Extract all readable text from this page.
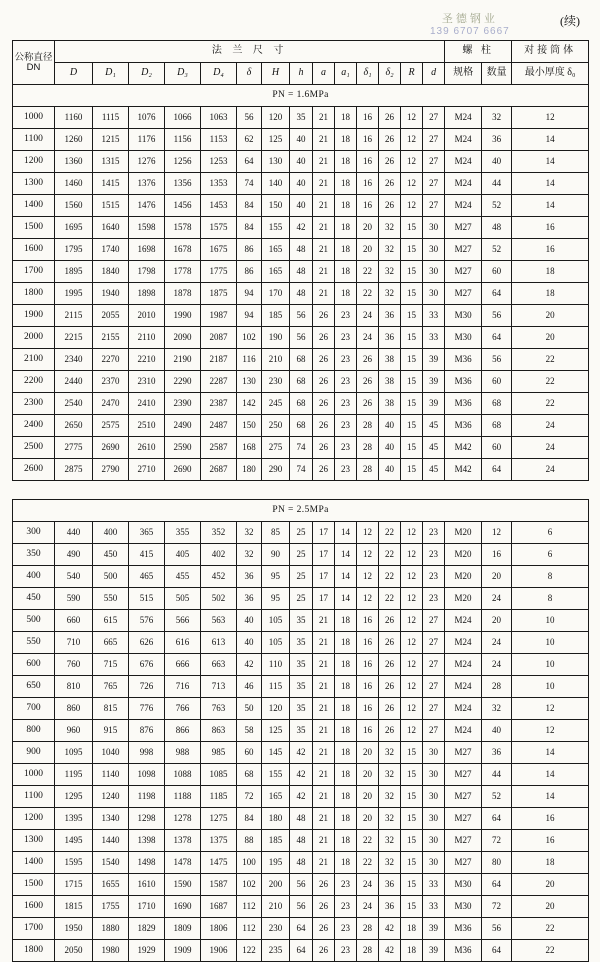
圣德钢业
139 6707 6667
(续)
公称直径
DN	法 兰 尺 寸														螺 柱		对接筒体
	D	D₁	D₂	D₃	D₄	δ	H	h	a	a₁	δ₁	δ₂	R	d	规格	数量	最小厚度 δ₀
PN = 1.6MPa																	
1000	1160	1115	1076	1066	1063	56	120	35	21	18	16	26	12	27	M24	32	12
1100	1260	1215	1176	1156	1153	62	125	40	21	18	16	26	12	27	M24	36	14
1200	1360	1315	1276	1256	1253	64	130	40	21	18	16	26	12	27	M24	40	14
1300	1460	1415	1376	1356	1353	74	140	40	21	18	16	26	12	27	M24	44	14
1400	1560	1515	1476	1456	1453	84	150	40	21	18	16	26	12	27	M24	52	14
1500	1695	1640	1598	1578	1575	84	155	42	21	18	20	32	15	30	M27	48	16
1600	1795	1740	1698	1678	1675	86	165	48	21	18	20	32	15	30	M27	52	16
1700	1895	1840	1798	1778	1775	86	165	48	21	18	22	32	15	30	M27	60	18
1800	1995	1940	1898	1878	1875	94	170	48	21	18	22	32	15	30	M27	64	18
1900	2115	2055	2010	1990	1987	94	185	56	26	23	24	36	15	33	M30	56	20
2000	2215	2155	2110	2090	2087	102	190	56	26	23	24	36	15	33	M30	64	20
2100	2340	2270	2210	2190	2187	116	210	68	26	23	26	38	15	39	M36	56	22
2200	2440	2370	2310	2290	2287	130	230	68	26	23	26	38	15	39	M36	60	22
2300	2540	2470	2410	2390	2387	142	245	68	26	23	26	38	15	39	M36	68	22
2400	2650	2575	2510	2490	2487	150	250	68	26	23	28	40	15	45	M36	68	24
2500	2775	2690	2610	2590	2587	168	275	74	26	23	28	40	15	45	M42	60	24
2600	2875	2790	2710	2690	2687	180	290	74	26	23	28	40	15	45	M42	64	24
PN = 2.5MPa																	
300	440	400	365	355	352	32	85	25	17	14	12	22	12	23	M20	12	6
350	490	450	415	405	402	32	90	25	17	14	12	22	12	23	M20	16	6
400	540	500	465	455	452	36	95	25	17	14	12	22	12	23	M20	20	8
450	590	550	515	505	502	36	95	25	17	14	12	22	12	23	M20	24	8
500	660	615	576	566	563	40	105	35	21	18	16	26	12	27	M24	20	10
550	710	665	626	616	613	40	105	35	21	18	16	26	12	27	M24	24	10
600	760	715	676	666	663	42	110	35	21	18	16	26	12	27	M24	24	10
650	810	765	726	716	713	46	115	35	21	18	16	26	12	27	M24	28	10
700	860	815	776	766	763	50	120	35	21	18	16	26	12	27	M24	32	12
800	960	915	876	866	863	58	125	35	21	18	16	26	12	27	M24	40	12
900	1095	1040	998	988	985	60	145	42	21	18	20	32	15	30	M27	36	14
1000	1195	1140	1098	1088	1085	68	155	42	21	18	20	32	15	30	M27	44	14
1100	1295	1240	1198	1188	1185	72	165	42	21	18	20	32	15	30	M27	52	14
1200	1395	1340	1298	1278	1275	84	180	48	21	18	20	32	15	30	M27	64	16
1300	1495	1440	1398	1378	1375	88	185	48	21	18	22	32	15	30	M27	72	16
1400	1595	1540	1498	1478	1475	100	195	48	21	18	22	32	15	30	M27	80	18
1500	1715	1655	1610	1590	1587	102	200	56	26	23	24	36	15	33	M30	64	20
1600	1815	1755	1710	1690	1687	112	210	56	26	23	24	36	15	33	M30	72	20
1700	1950	1880	1829	1809	1806	112	230	64	26	23	28	42	18	39	M36	56	22
1800	2050	1980	1929	1909	1906	122	235	64	26	23	28	42	18	39	M36	64	22
